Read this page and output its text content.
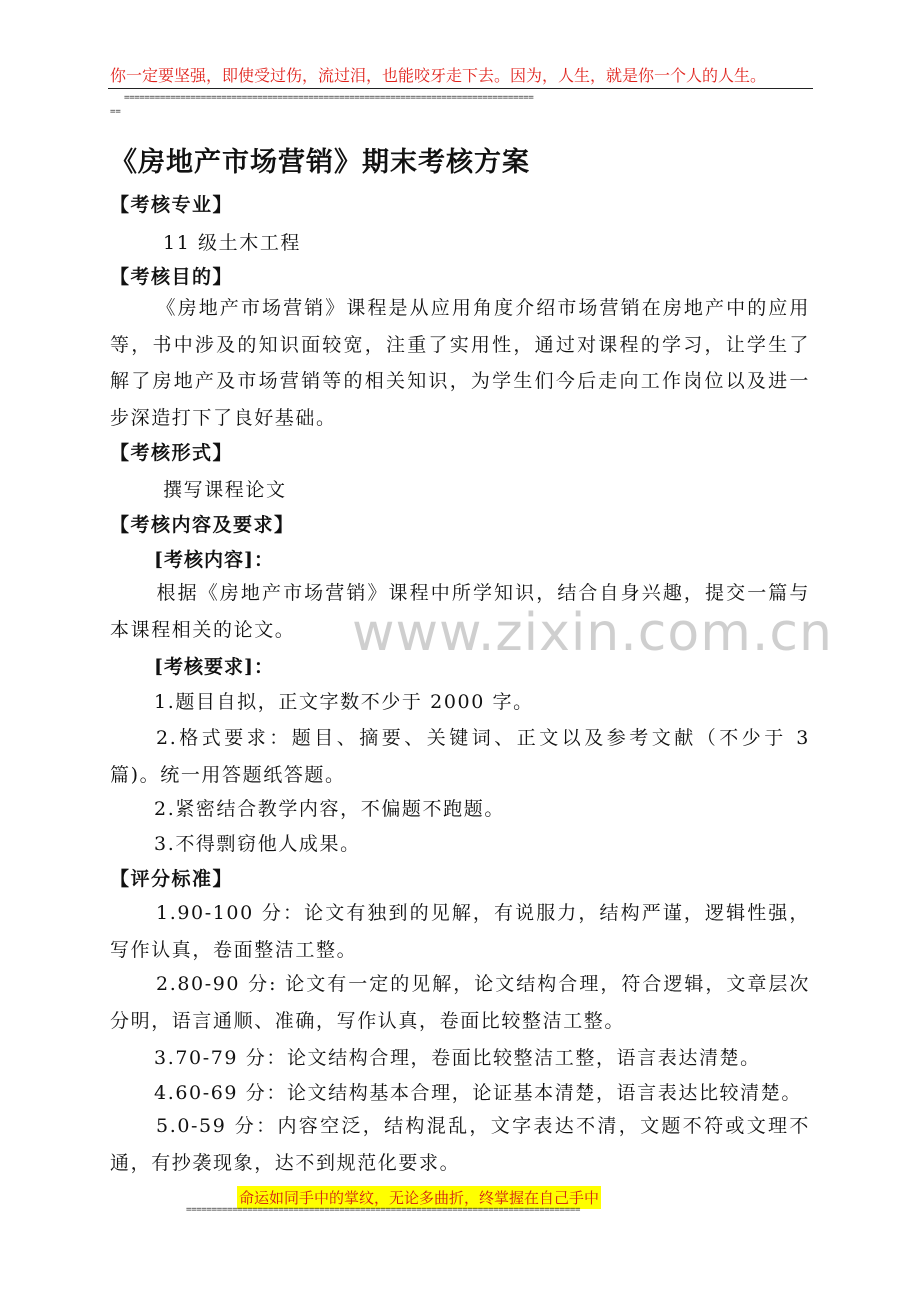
你一定要坚强，即使受过伤，流过泪，也能咬牙走下去。因为，人生，就是你一个人的人生。
================================================================================
==
www.zixin.com.cn
《房地产市场营销》期末考核方案
【考核专业】
11 级土木工程
【考核目的】
《房地产市场营销》课程是从应用角度介绍市场营销在房地产中的应用等，书中涉及的知识面较宽，注重了实用性，通过对课程的学习，让学生了解了房地产及市场营销等的相关知识，为学生们今后走向工作岗位以及进一步深造打下了良好基础。
【考核形式】
撰写课程论文
【考核内容及要求】
[考核内容]：
根据《房地产市场营销》课程中所学知识，结合自身兴趣，提交一篇与本课程相关的论文。
[考核要求]：
1.题目自拟，正文字数不少于 2000 字。
2.格式要求：题目、摘要、关键词、正文以及参考文献（不少于 3 篇)。统一用答题纸答题。
2.紧密结合教学内容，不偏题不跑题。
3.不得剽窃他人成果。
【评分标准】
1.90-100 分：论文有独到的见解，有说服力，结构严谨，逻辑性强，写作认真，卷面整洁工整。
2.80-90 分: 论文有一定的见解，论文结构合理，符合逻辑，文章层次分明，语言通顺、准确，写作认真，卷面比较整洁工整。
3.70-79 分：论文结构合理，卷面比较整洁工整，语言表达清楚。
4.60-69 分：论文结构基本合理，论证基本清楚，语言表达比较清楚。
5.0-59 分：内容空泛，结构混乱，文字表达不清，文题不符或文理不通，有抄袭现象，达不到规范化要求。
命运如同手中的掌纹，无论多曲折，终掌握在自己手中
=============================================================================
